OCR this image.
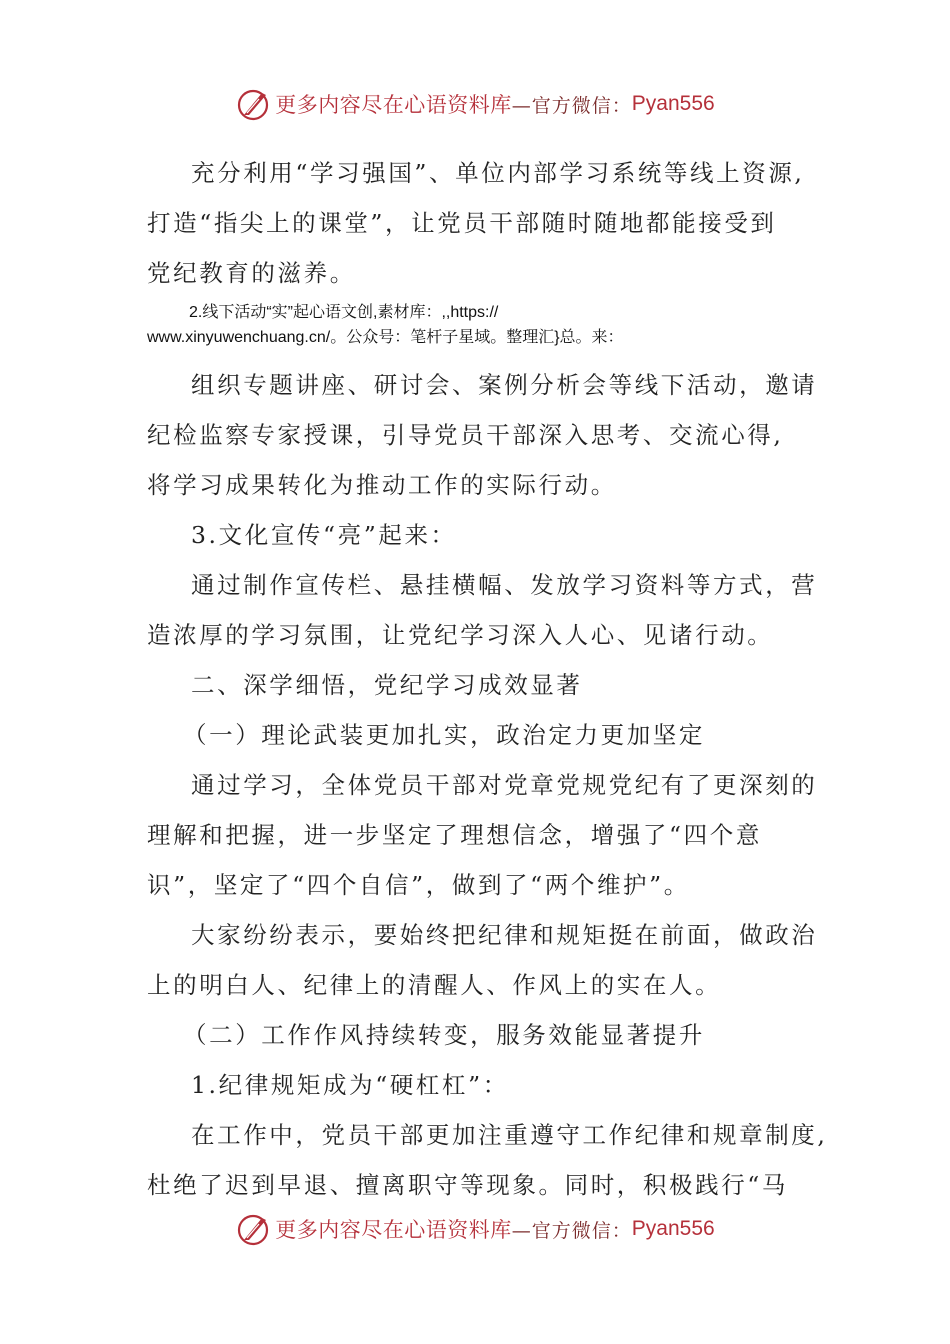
更多内容尽在心语资料库 —官方微信： Pyan556
充分利用“学习强国”、单位内部学习系统等线上资源,
打造“指尖上的课堂”，让党员干部随时随地都能接受到
党纪教育的滋养。
2.线下活动“实”起心语文创,素材库：,,https://
www.xinyuwenchuang.cn/。公众号：笔杆子星域。整理汇}总。来：
组织专题讲座、研讨会、案例分析会等线下活动，邀请
纪检监察专家授课，引导党员干部深入思考、交流心得,
将学习成果转化为推动工作的实际行动。
3.文化宣传“亮”起来：
通过制作宣传栏、悬挂横幅、发放学习资料等方式，营
造浓厚的学习氛围，让党纪学习深入人心、见诸行动。
二、深学细悟，党纪学习成效显著
（一）理论武装更加扎实，政治定力更加坚定
通过学习，全体党员干部对党章党规党纪有了更深刻的
理解和把握，进一步坚定了理想信念，增强了“四个意
识”，坚定了“四个自信”，做到了“两个维护”。
大家纷纷表示，要始终把纪律和规矩挺在前面，做政治
上的明白人、纪律上的清醒人、作风上的实在人。
（二）工作作风持续转变，服务效能显著提升
1.纪律规矩成为“硬杠杠”：
在工作中，党员干部更加注重遵守工作纪律和规章制度,
杜绝了迟到早退、擅离职守等现象。同时，积极践行“马
更多内容尽在心语资料库 —官方微信： Pyan556
